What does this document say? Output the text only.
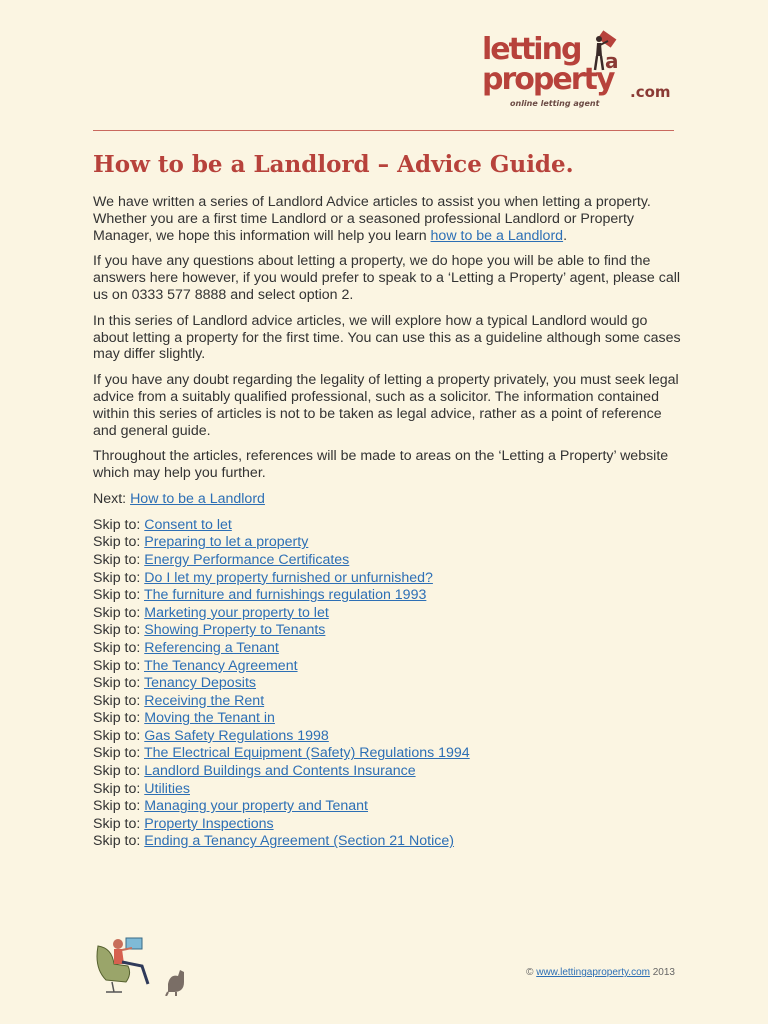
letting a
property .com
online letting agent
How to be a Landlord – Advice Guide.

We have written a series of Landlord Advice articles to assist you when letting a property. Whether you are a first time Landlord or a seasoned professional Landlord or Property Manager, we hope this information will help you learn how to be a Landlord.

If you have any questions about letting a property, we do hope you will be able to find the answers here however, if you would prefer to speak to a ‘Letting a Property’ agent, please call us on 0333 577 8888 and select option 2.

In this series of Landlord advice articles, we will explore how a typical Landlord would go about letting a property for the first time. You can use this as a guideline although some cases may differ slightly.

If you have any doubt regarding the legality of letting a property privately, you must seek legal advice from a suitably qualified professional, such as a solicitor. The information contained within this series of articles is not to be taken as legal advice, rather as a point of reference and general guide.

Throughout the articles, references will be made to areas on the ‘Letting a Property’ website which may help you further.

Next: How to be a Landlord

Skip to: Consent to let
Skip to: Preparing to let a property
Skip to: Energy Performance Certificates
Skip to: Do I let my property furnished or unfurnished?
Skip to: The furniture and furnishings regulation 1993
Skip to: Marketing your property to let
Skip to: Showing Property to Tenants
Skip to: Referencing a Tenant
Skip to: The Tenancy Agreement
Skip to: Tenancy Deposits
Skip to: Receiving the Rent
Skip to: Moving the Tenant in
Skip to: Gas Safety Regulations 1998
Skip to: The Electrical Equipment (Safety) Regulations 1994
Skip to: Landlord Buildings and Contents Insurance
Skip to: Utilities
Skip to: Managing your property and Tenant
Skip to: Property Inspections
Skip to: Ending a Tenancy Agreement (Section 21 Notice)
© www.lettingaproperty.com 2013
